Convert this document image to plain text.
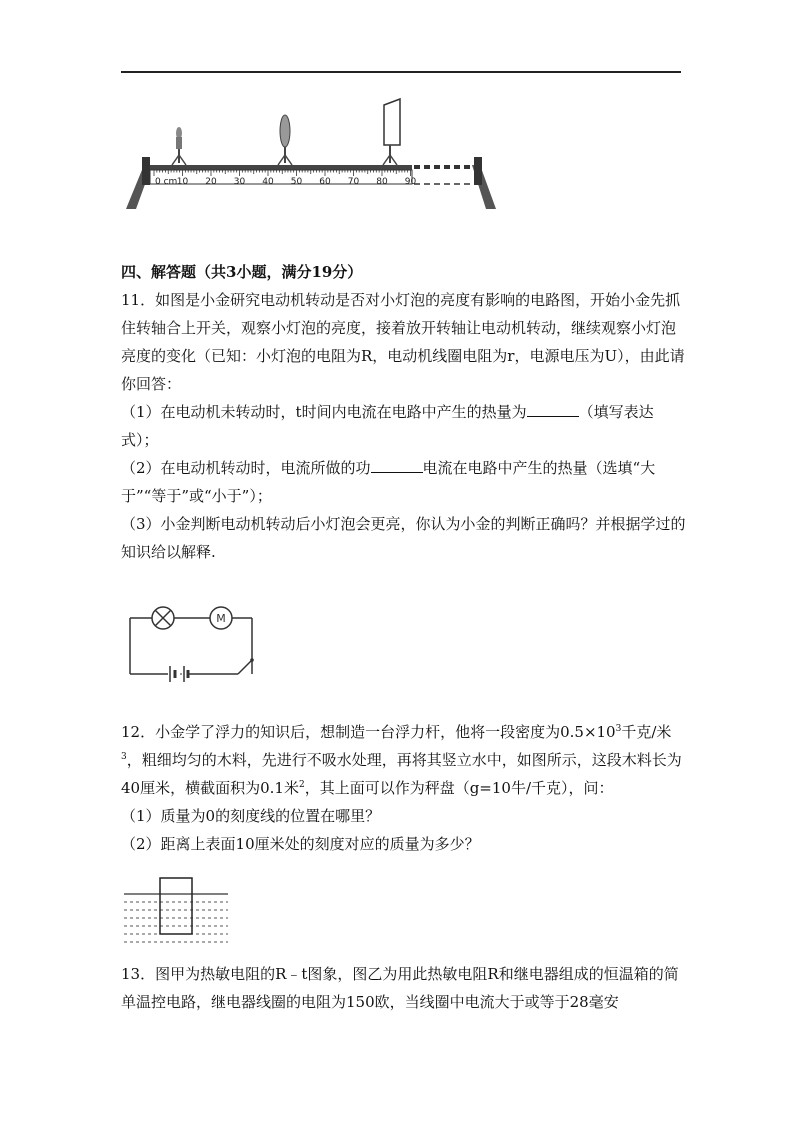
0 cm 10 20 30 40 50 60 70 80 90

四、解答题（共3小题，满分19分）

11．如图是小金研究电动机转动是否对小灯泡的亮度有影响的电路图，开始小金先抓住转轴合上开关，观察小灯泡的亮度，接着放开转轴让电动机转动，继续观察小灯泡亮度的变化（已知：小灯泡的电阻为R，电动机线圈电阻为r，电源电压为U），由此请你回答：

（1）在电动机未转动时，t时间内电流在电路中产生的热量为	（填写表达式）；

（2）在电动机转动时，电流所做的功	电流在电路中产生的热量（选填“大于”“等于”或“小于”）；

（3）小金判断电动机转动后小灯泡会更亮，你认为小金的判断正确吗？并根据学过的知识给以解释.

M

12．小金学了浮力的知识后，想制造一台浮力杆，他将一段密度为$0.5\times 10^3$千克/米$^3$，粗细均匀的木料，先进行不吸水处理，再将其竖立水中，如图所示，这段木料长为40厘米，横截面积为0.1米$^2$，其上面可以作为秤盘（g=10牛/千克），问：

（1）质量为0的刻度线的位置在哪里？

（2）距离上表面10厘米处的刻度对应的质量为多少？

13．图甲为热敏电阻的R﹣t图象，图乙为用此热敏电阻R和继电器组成的恒温箱的简单温控电路，继电器线圈的电阻为150欧，当线圈中电流大于或等于28毫安
